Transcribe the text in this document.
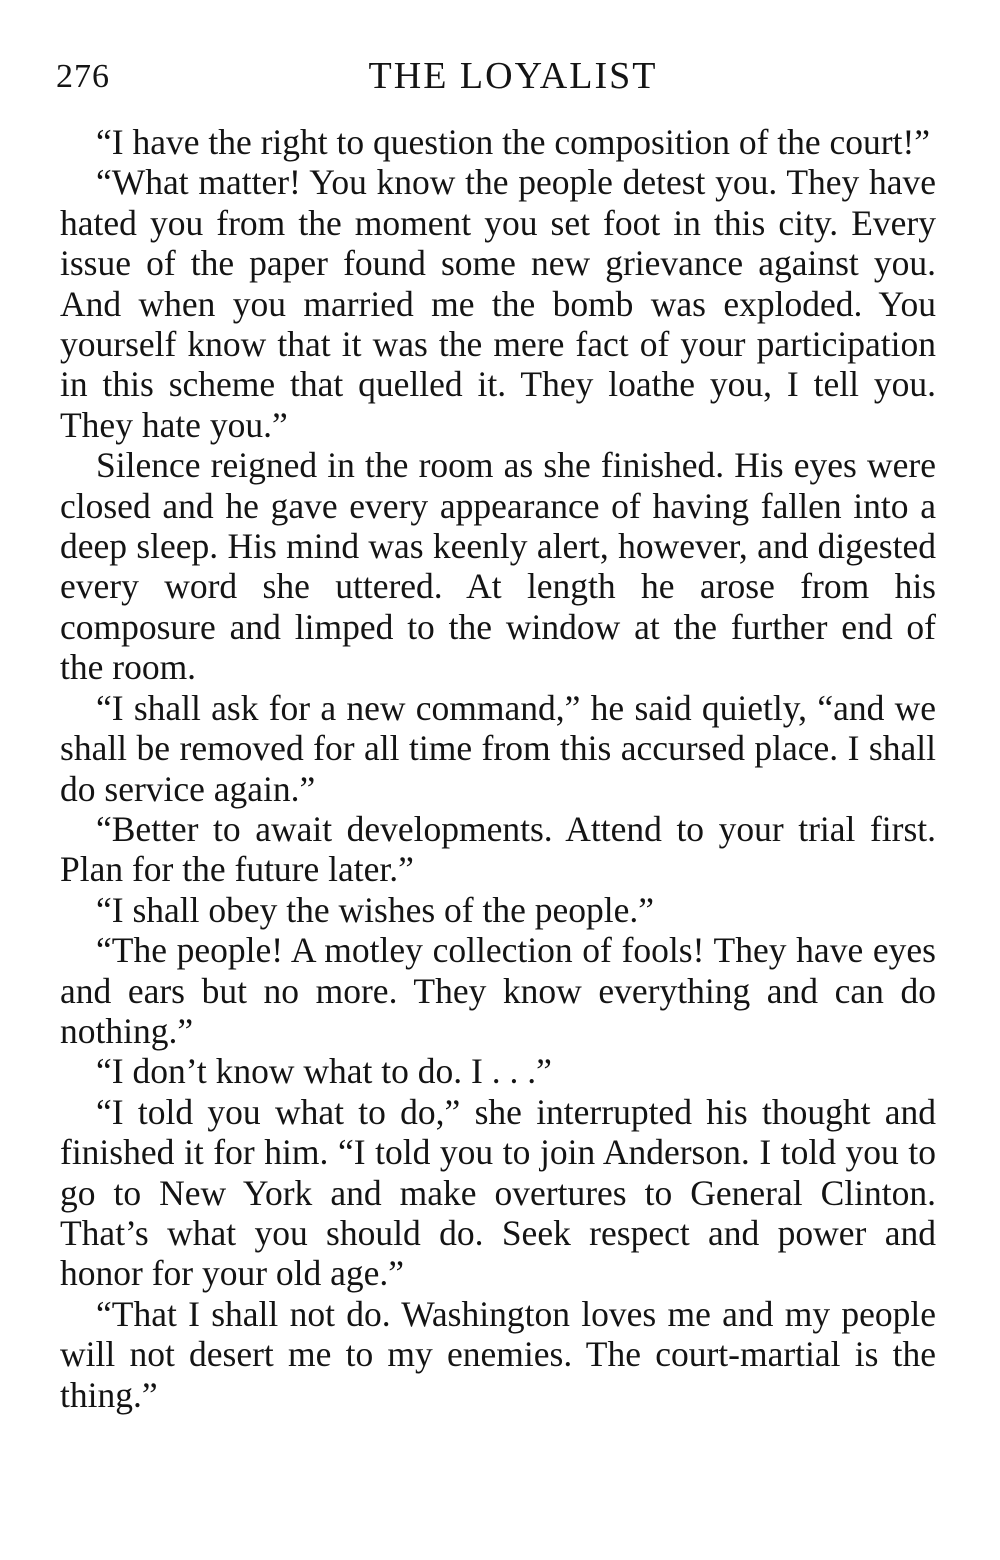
276	THE LOYALIST

“I have the right to question the composition of the court!”

“What matter! You know the people detest you. They have hated you from the moment you set foot in this city. Every issue of the paper found some new grievance against you. And when you married me the bomb was exploded. You yourself know that it was the mere fact of your participation in this scheme that quelled it. They loathe you, I tell you. They hate you.”

Silence reigned in the room as she finished. His eyes were closed and he gave every appearance of having fallen into a deep sleep. His mind was keenly alert, however, and digested every word she uttered. At length he arose from his composure and limped to the window at the further end of the room.

“I shall ask for a new command,” he said quietly, “and we shall be removed for all time from this accursed place. I shall do service again.”

“Better to await developments. Attend to your trial first. Plan for the future later.”

“I shall obey the wishes of the people.”

“The people! A motley collection of fools! They have eyes and ears but no more. They know everything and can do nothing.”

“I don’t know what to do. I . . .”

“I told you what to do,” she interrupted his thought and finished it for him. “I told you to join Anderson. I told you to go to New York and make overtures to General Clinton. That’s what you should do. Seek respect and power and honor for your old age.”

“That I shall not do. Washington loves me and my people will not desert me to my enemies. The court-martial is the thing.”
